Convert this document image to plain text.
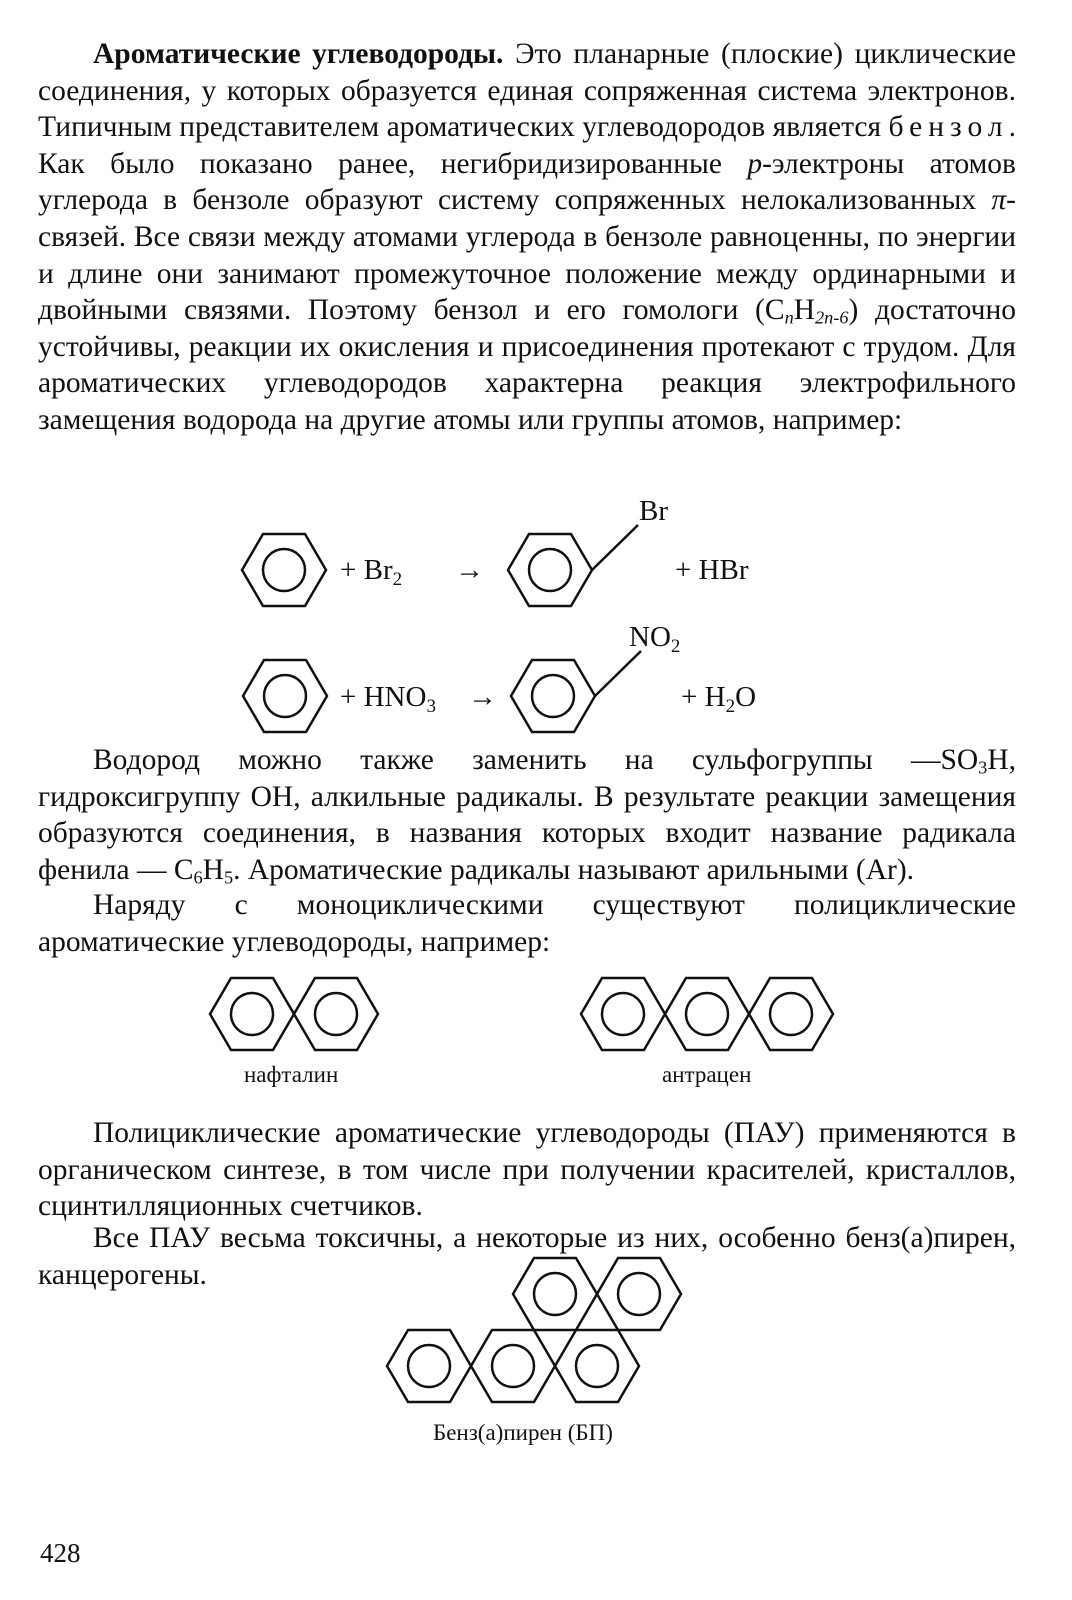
Ароматические углеводороды. Это планарные (плоские) циклические соединения, у которых образуется единая сопряженная система электронов. Типичным представителем ароматических углеводородов является бензол. Как было показано ранее, негибридизированные p-электроны атомов углерода в бензоле образуют систему сопряженных нелокализованных π-связей. Все связи между атомами углерода в бензоле равноценны, по энергии и длине они занимают промежуточное положение между ординарными и двойными связями. Поэтому бензол и его гомологи (CnH$_{2n-6}$) достаточно устойчивы, реакции их окисления и присоединения протекают с трудом. Для ароматических углеводородов характерна реакция электрофильного замещения водорода на другие атомы или группы атомов, например:

+ $Br_2$ →
Br
+ HBr
+ $HNO_3$ →
$NO_2$
+ $H_2O$

Водород можно также заменить на сульфогруппы $—SO_3H$, гидроксигруппу OH, алкильные радикалы. В результате реакции замещения образуются соединения, в названия которых входит название радикала фенила — $C_6H_5$. Ароматические радикалы называют арильными (Ar).

Наряду с моноциклическими существуют полициклические ароматические углеводороды, например:

нафталин	антрацен

Полициклические ароматические углеводороды (ПАУ) применяются в органическом синтезе, в том числе при получении красителей, кристаллов, сцинтилляционных счетчиков.

Все ПАУ весьма токсичны, а некоторые из них, особенно бенз(а)пирен, канцерогены.

Бенз(а)пирен (БП)
428
